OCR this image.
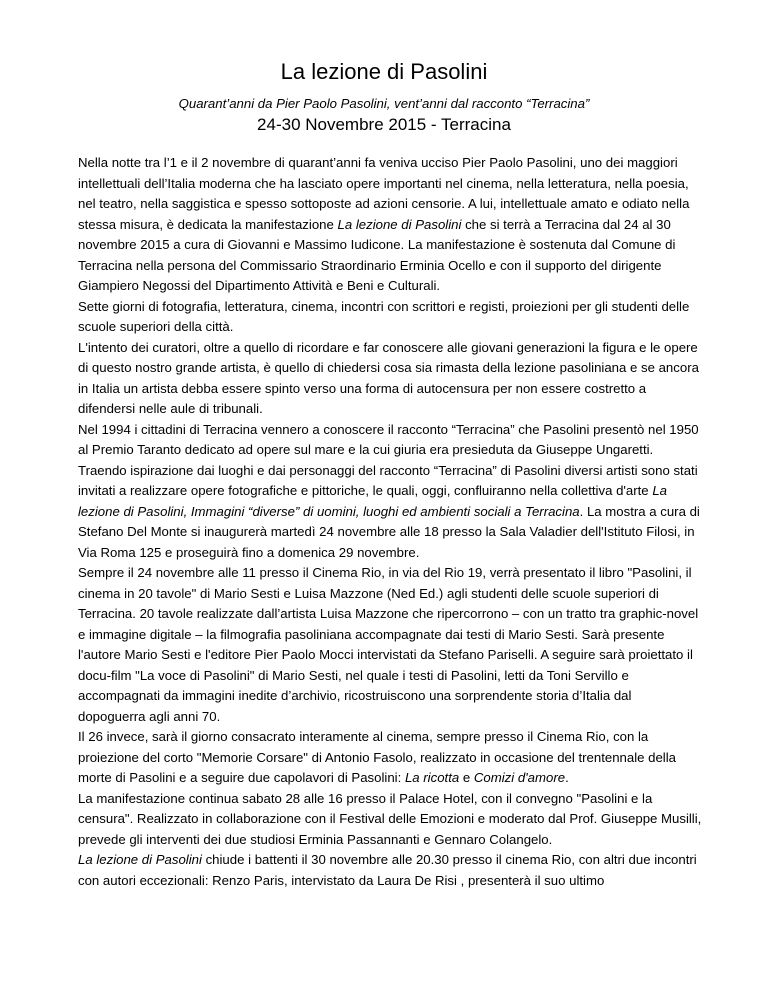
La lezione di Pasolini
Quarant’anni da Pier Paolo Pasolini, vent’anni dal racconto “Terracina”
24-30 Novembre 2015 - Terracina

Nella notte tra l’1 e il 2 novembre di quarant’anni fa veniva ucciso Pier Paolo Pasolini, uno dei maggiori intellettuali dell’Italia moderna che ha lasciato opere importanti nel cinema, nella letteratura, nella poesia, nel teatro, nella saggistica e spesso sottoposte ad azioni censorie. A lui, intellettuale amato e odiato nella stessa misura, è dedicata la manifestazione La lezione di Pasolini che si terrà a Terracina dal 24 al 30 novembre 2015 a cura di Giovanni e Massimo Iudicone. La manifestazione è sostenuta dal Comune di Terracina nella persona del Commissario Straordinario Erminia Ocello e con il supporto del dirigente Giampiero Negossi del Dipartimento Attività e Beni e Culturali.

Sette giorni di fotografia, letteratura, cinema, incontri con scrittori e registi, proiezioni per gli studenti delle scuole superiori della città.

L'intento dei curatori, oltre a quello di ricordare e far conoscere alle giovani generazioni la figura e le opere di questo nostro grande artista, è quello di chiedersi cosa sia rimasta della lezione pasoliniana e se ancora in Italia un artista debba essere spinto verso una forma di autocensura per non essere costretto a difendersi nelle aule di tribunali.

Nel 1994 i cittadini di Terracina vennero a conoscere il racconto “Terracina” che Pasolini presentò nel 1950 al Premio Taranto dedicato ad opere sul mare e la cui giuria era presieduta da Giuseppe Ungaretti. Traendo ispirazione dai luoghi e dai personaggi del racconto “Terracina” di Pasolini diversi artisti sono stati invitati a realizzare opere fotografiche e pittoriche, le quali, oggi, confluiranno nella collettiva d'arte La lezione di Pasolini, Immagini “diverse” di uomini, luoghi ed ambienti sociali a Terracina. La mostra a cura di Stefano Del Monte si inaugurerà martedì 24 novembre alle 18 presso la Sala Valadier dell'Istituto Filosi, in Via Roma 125 e proseguirà fino a domenica 29 novembre.

Sempre il 24 novembre alle 11 presso il Cinema Rio, in via del Rio 19, verrà presentato il libro "Pasolini, il cinema in 20 tavole" di Mario Sesti e Luisa Mazzone (Ned Ed.) agli studenti delle scuole superiori di Terracina. 20 tavole realizzate dall’artista Luisa Mazzone che ripercorrono – con un tratto tra graphic-novel e immagine digitale – la filmografia pasoliniana accompagnate dai testi di Mario Sesti. Sarà presente l'autore Mario Sesti e l'editore Pier Paolo Mocci intervistati da Stefano Pariselli. A seguire sarà proiettato il docu-film "La voce di Pasolini" di Mario Sesti, nel quale i testi di Pasolini, letti da Toni Servillo e accompagnati da immagini inedite d’archivio, ricostruiscono una sorprendente storia d’Italia dal dopoguerra agli anni 70.

Il 26 invece, sarà il giorno consacrato interamente al cinema, sempre presso il Cinema Rio, con la proiezione del corto "Memorie Corsare" di Antonio Fasolo, realizzato in occasione del trentennale della morte di Pasolini e a seguire due capolavori di Pasolini: La ricotta e Comizi d'amore.

La manifestazione continua sabato 28 alle 16 presso il Palace Hotel, con il convegno "Pasolini e la censura". Realizzato in collaborazione con il Festival delle Emozioni e moderato dal Prof. Giuseppe Musilli, prevede gli interventi dei due studiosi Erminia Passannanti e Gennaro Colangelo.

La lezione di Pasolini chiude i battenti il 30 novembre alle 20.30 presso il cinema Rio, con altri due incontri con autori eccezionali: Renzo Paris, intervistato da Laura De Risi , presenterà il suo ultimo
